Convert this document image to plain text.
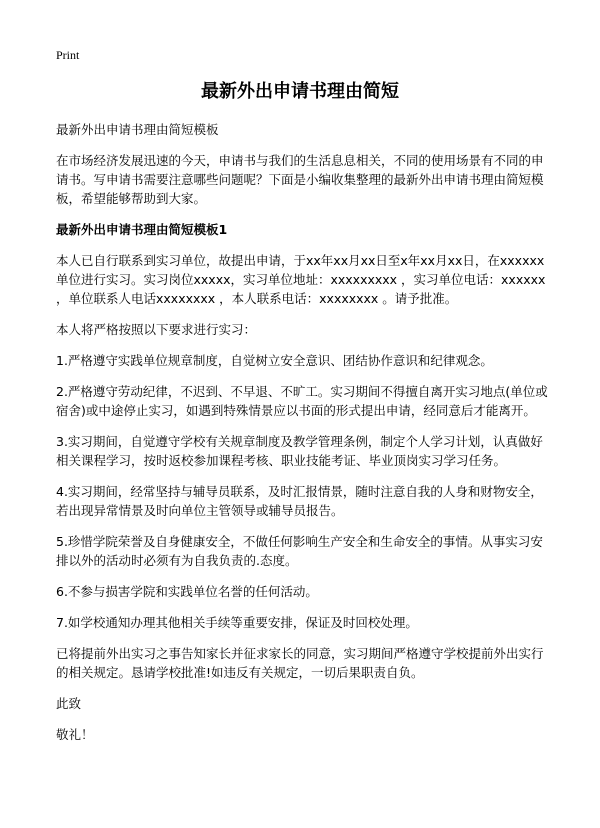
Print
最新外出申请书理由简短

最新外出申请书理由简短模板

在市场经济发展迅速的今天，申请书与我们的生活息息相关，不同的使用场景有不同的申请书。写申请书需要注意哪些问题呢？下面是小编收集整理的最新外出申请书理由简短模板，希望能够帮助到大家。

最新外出申请书理由简短模板1

本人已自行联系到实习单位，故提出申请，于xx年xx月xx日至x年xx月xx日，在xxxxxx 单位进行实习。实习岗位xxxxx，实习单位地址：xxxxxxxxx ，实习单位电话：xxxxxx ，单位联系人电话xxxxxxxx ，本人联系电话：xxxxxxxx 。请予批准。

本人将严格按照以下要求进行实习：

1.严格遵守实践单位规章制度，自觉树立安全意识、团结协作意识和纪律观念。

2.严格遵守劳动纪律，不迟到、不早退、不旷工。实习期间不得擅自离开实习地点(单位或宿舍)或中途停止实习，如遇到特殊情景应以书面的形式提出申请，经同意后才能离开。

3.实习期间，自觉遵守学校有关规章制度及教学管理条例，制定个人学习计划，认真做好相关课程学习，按时返校参加课程考核、职业技能考证、毕业顶岗实习学习任务。

4.实习期间，经常坚持与辅导员联系，及时汇报情景，随时注意自我的人身和财物安全，若出现异常情景及时向单位主管领导或辅导员报告。

5.珍惜学院荣誉及自身健康安全，不做任何影响生产安全和生命安全的事情。从事实习安排以外的活动时必须有为自我负责的.态度。

6.不参与损害学院和实践单位名誉的任何活动。

7.如学校通知办理其他相关手续等重要安排，保证及时回校处理。

已将提前外出实习之事告知家长并征求家长的同意，实习期间严格遵守学校提前外出实行的相关规定。恳请学校批准!如违反有关规定，一切后果职责自负。

此致

敬礼！
